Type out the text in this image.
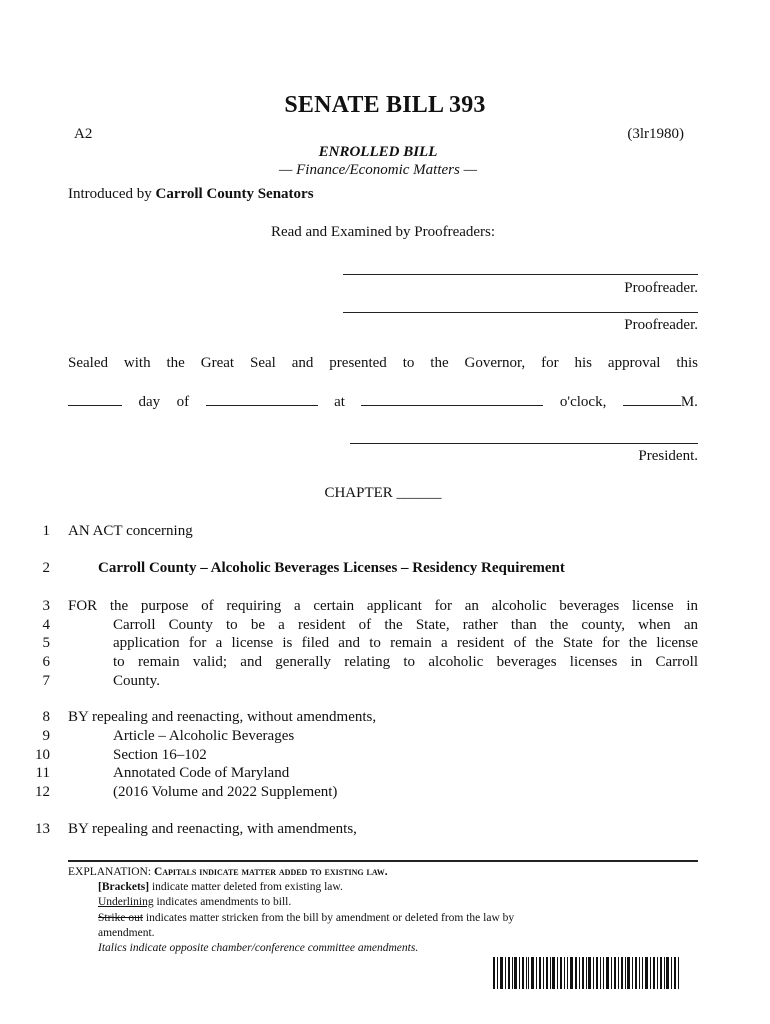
SENATE BILL 393
A2	(3lr1980)
ENROLLED BILL
— Finance/Economic Matters —
Introduced by Carroll County Senators
Read and Examined by Proofreaders:
Proofreader.
Proofreader.
Sealed with the Great Seal and presented to the Governor, for his approval this
day of	at	o'clock,	M.
President.
CHAPTER ______
1 AN ACT concerning
2	Carroll County – Alcoholic Beverages Licenses – Residency Requirement
3 FOR the purpose of requiring a certain applicant for an alcoholic beverages license in
4	Carroll County to be a resident of the State, rather than the county, when an
5	application for a license is filed and to remain a resident of the State for the license
6	to remain valid; and generally relating to alcoholic beverages licenses in Carroll
7	County.
8 BY repealing and reenacting, without amendments,
9	Article – Alcoholic Beverages
10	Section 16–102
11	Annotated Code of Maryland
12	(2016 Volume and 2022 Supplement)
13 BY repealing and reenacting, with amendments,
EXPLANATION: Capitals indicate matter added to existing law.
[Brackets] indicate matter deleted from existing law.
Underlining indicates amendments to bill.
Strike out indicates matter stricken from the bill by amendment or deleted from the law by
amendment.
Italics indicate opposite chamber/conference committee amendments.
